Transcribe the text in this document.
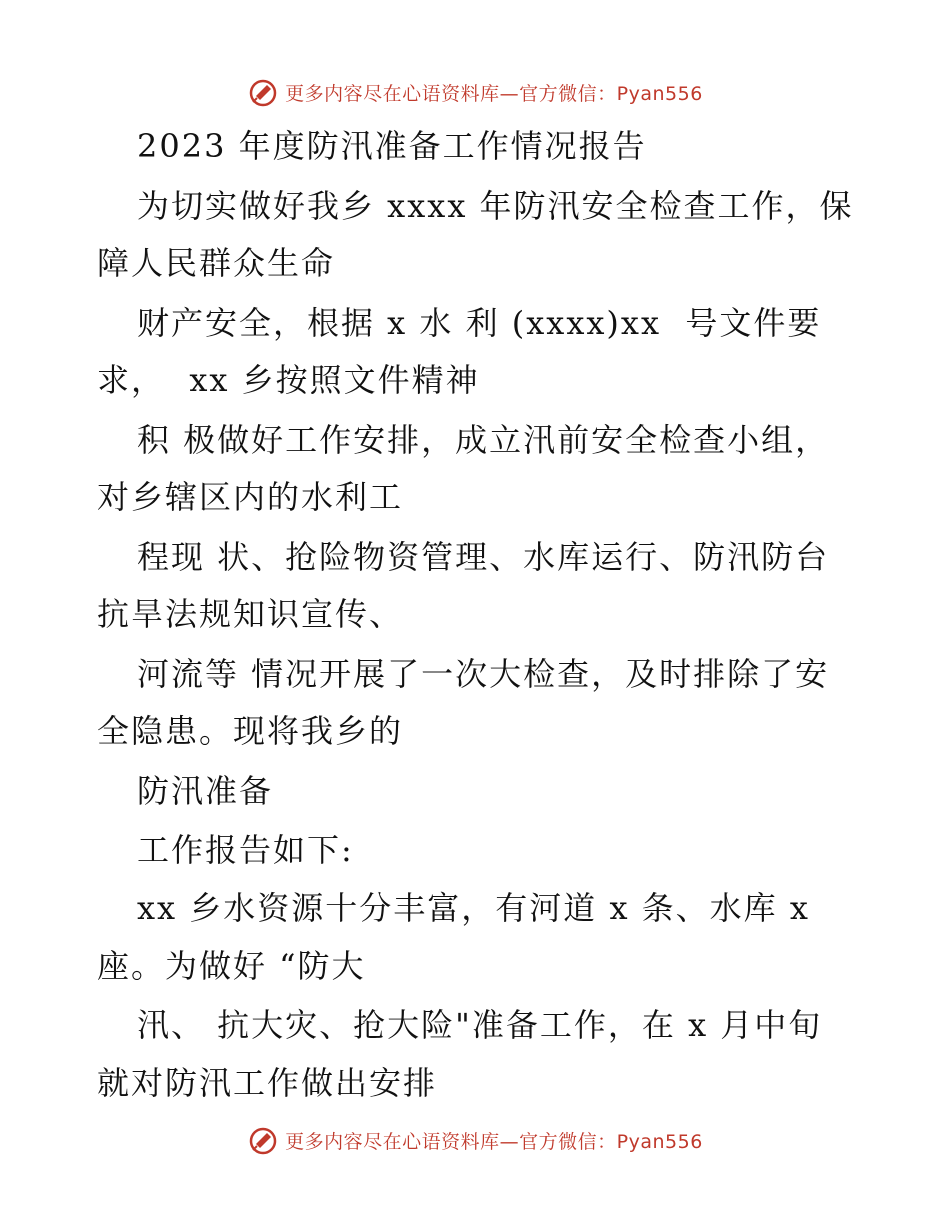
更多内容尽在心语资料库—官方微信：Pyan556
2023 年度防汛准备工作情况报告
为切实做好我乡 xxxx 年防汛安全检查工作，保
障人民群众生命
财产安全，根据 x 水 利 (xxxx)xx  号文件要
求，  xx 乡按照文件精神
积 极做好工作安排，成立汛前安全检查小组，
对乡辖区内的水利工
程现 状、抢险物资管理、水库运行、防汛防台
抗旱法规知识宣传、
河流等 情况开展了一次大检查，及时排除了安
全隐患。现将我乡的
防汛准备
工作报告如下:
xx 乡水资源十分丰富，有河道 x 条、水库 x
座。为做好 “防大
汛、 抗大灾、抢大险"准备工作，在 x 月中旬
就对防汛工作做出安排
更多内容尽在心语资料库—官方微信：Pyan556
